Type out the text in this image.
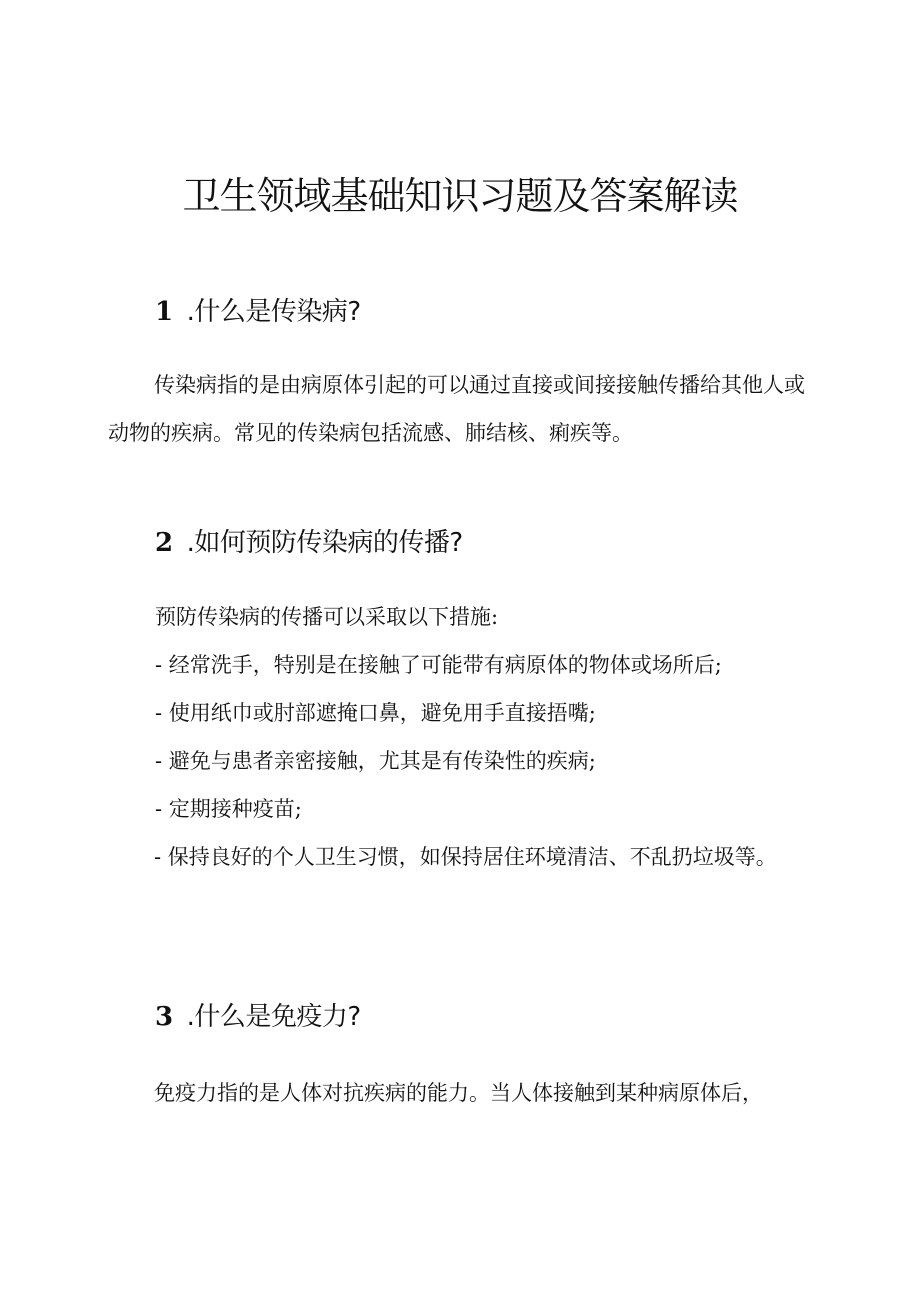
卫生领域基础知识习题及答案解读
1 .什么是传染病?

传染病指的是由病原体引起的可以通过直接或间接接触传播给其他人或动物的疾病。常见的传染病包括流感、肺结核、痢疾等。

2 .如何预防传染病的传播?

预防传染病的传播可以采取以下措施:

- 经常洗手，特别是在接触了可能带有病原体的物体或场所后;

- 使用纸巾或肘部遮掩口鼻，避免用手直接捂嘴;

- 避免与患者亲密接触，尤其是有传染性的疾病;

- 定期接种疫苗;

- 保持良好的个人卫生习惯，如保持居住环境清洁、不乱扔垃圾等。

3 .什么是免疫力?

免疫力指的是人体对抗疾病的能力。当人体接触到某种病原体后，
